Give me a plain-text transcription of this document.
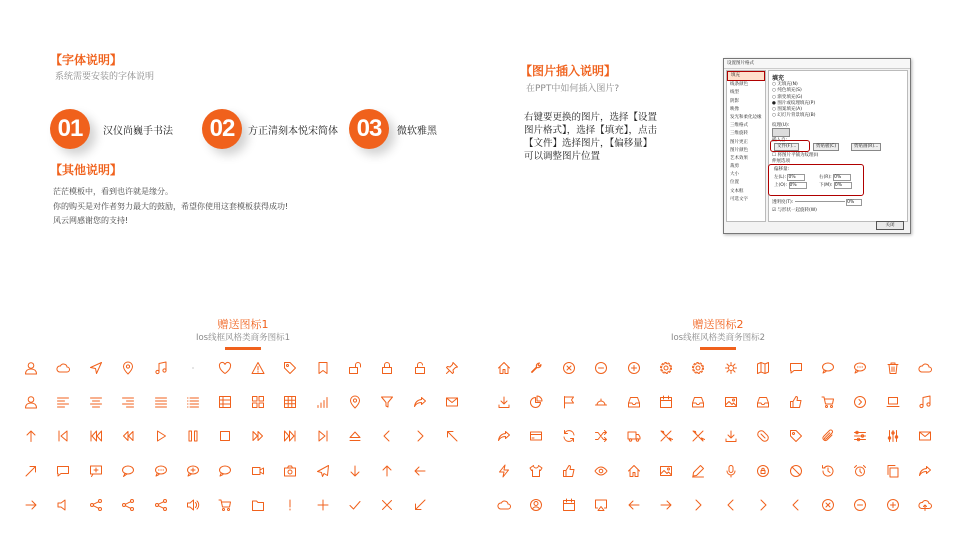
【字体说明】
系统需要安装的字体说明
01	汉仪尚巍手书法	02	方正清刻本悦宋简体 03	微软雅黑
【其他说明】
茫茫模板中，看到也许就是缘分。
你的购买是对作者努力最大的鼓励，希望你使用这套模板获得成功!
风云网感谢您的支持!
【图片插入说明】
在PPT中如何插入图片?
右键要更换的图片，选择【设置图片格式】，选择【填充】，点击【文件】选择图片，【偏移量】可以调整图片位置
设置图片格式
填充
线条颜色
线型
阴影
映像
发光和柔化边缘
三维格式
三维旋转
图片更正
图片颜色
艺术效果
裁剪
大小
位置
文本框
可选文字
填充
○ 无填充(N)
○ 纯色填充(S)
○ 渐变填充(G)
● 图片或纹理填充(P)
○ 图案填充(A)
○ 幻灯片背景填充(B)
纹理(U):
插入自:
文件(F)...	剪贴板(C)	剪贴画(R)...
☐ 将图片平铺为纹理(I)
伸展选项
偏移量:
左(L): 0%	右(R): 0%
上(O): 0%	下(M): 0%
透明度(T):	0%
☑ 与形状一起旋转(W)
关闭
赠送图标1
Ios线框风格类商务图标1
赠送图标2
Ios线框风格类商务图标2
